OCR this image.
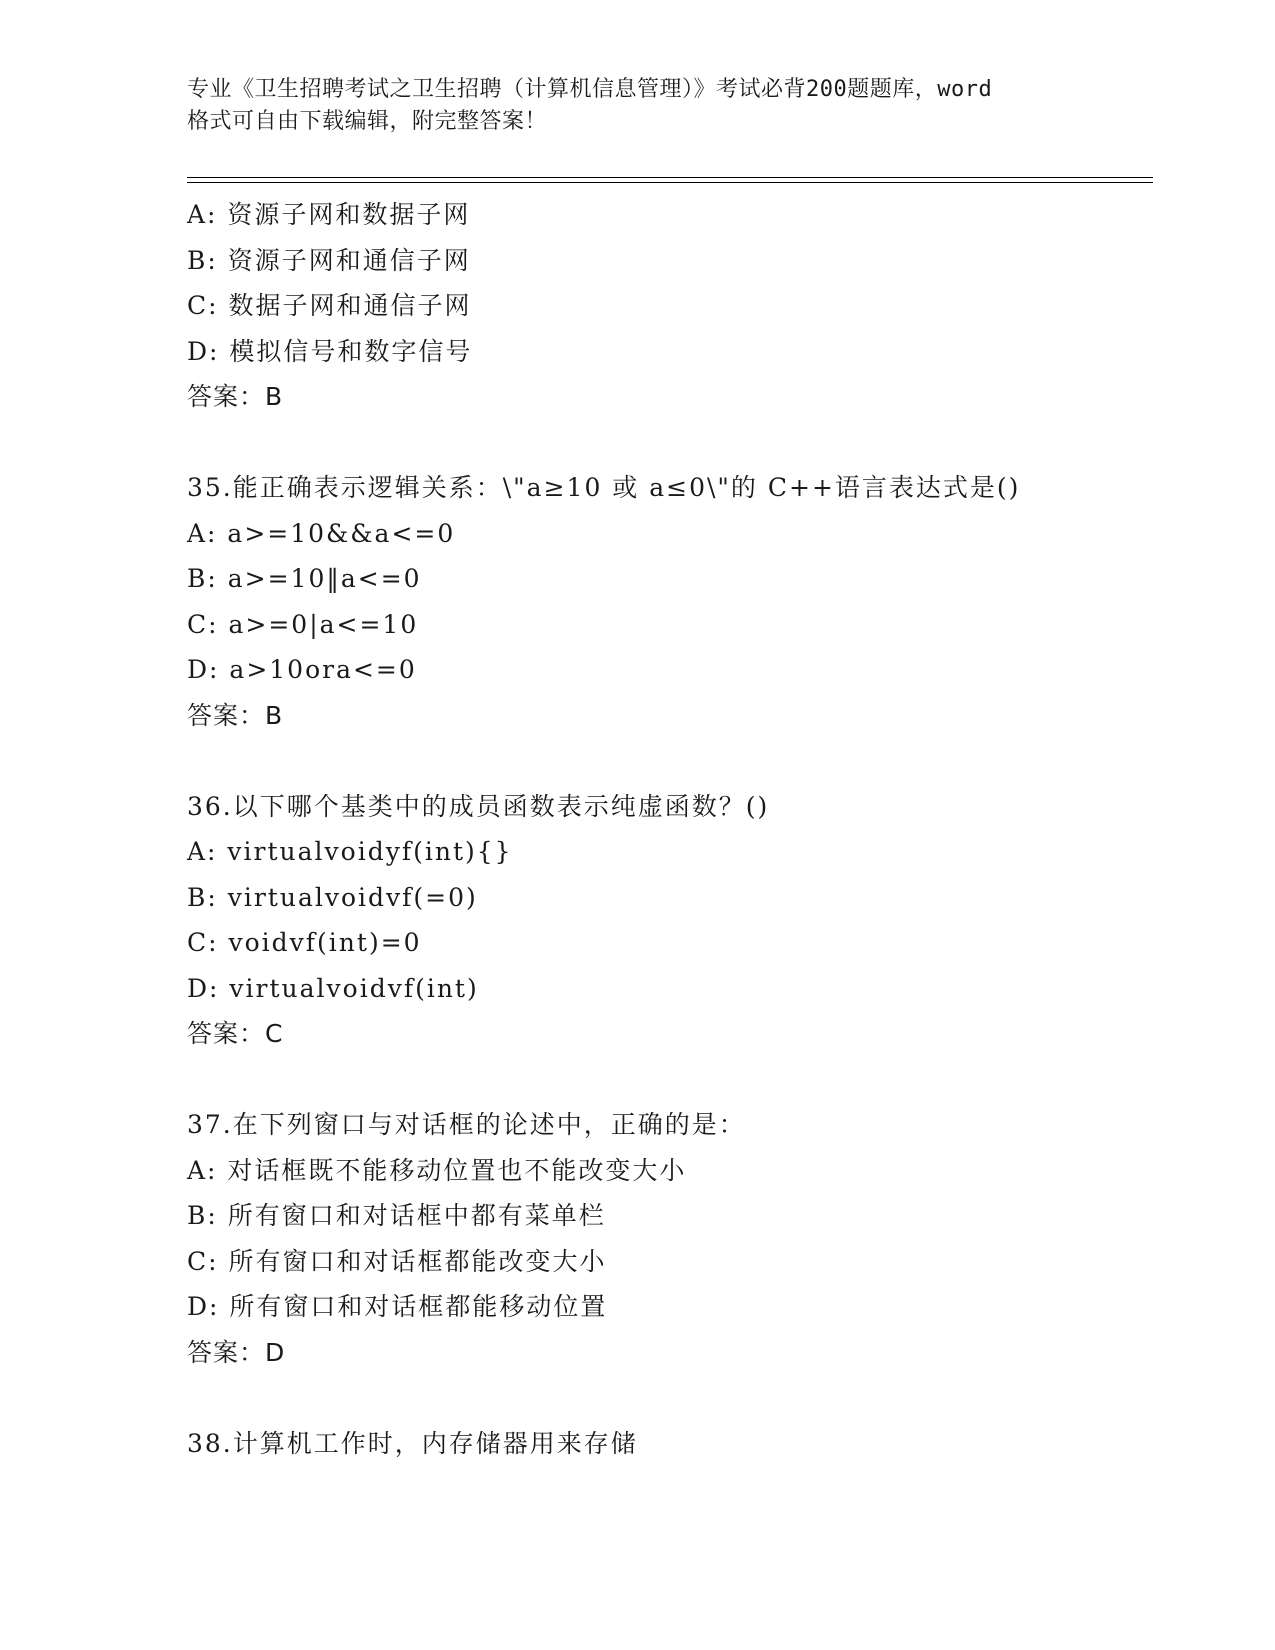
专业《卫生招聘考试之卫生招聘（计算机信息管理）》考试必背200题题库，word
格式可自由下载编辑，附完整答案！
A: 资源子网和数据子网
B: 资源子网和通信子网
C: 数据子网和通信子网
D: 模拟信号和数字信号
答案：B
35.能正确表示逻辑关系：\"a≥10 或 a≤0\"的 C++语言表达式是()
A: a>=10&&a<=0
B: a>=10‖a<=0
C: a>=0|a<=10
D: a>10ora<=0
答案：B
36.以下哪个基类中的成员函数表示纯虚函数？()
A: virtualvoidyf(int){}
B: virtualvoidvf(=0)
C: voidvf(int)=0
D: virtualvoidvf(int)
答案：C
37.在下列窗口与对话框的论述中，正确的是：
A: 对话框既不能移动位置也不能改变大小
B: 所有窗口和对话框中都有菜单栏
C: 所有窗口和对话框都能改变大小
D: 所有窗口和对话框都能移动位置
答案：D
38.计算机工作时，内存储器用来存储
